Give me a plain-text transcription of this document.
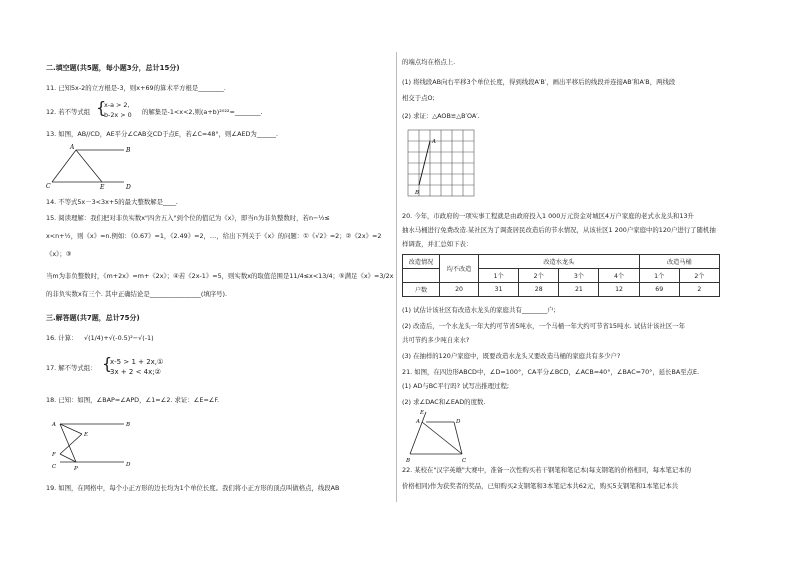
二.填空题(共5题，每小题3分，总计15分)
11. 已知5x-2的立方根是-3，则x+69的算术平方根是________.
12. 若不等式组 {
x-a > 2,
b-2x > 0 的解集是-1<x<2,则(a+b)²⁰²²=________.
13. 如图，AB//CD，AE平分∠CAB交CD于点E，若∠C=48°，则∠AED为______.
A	B
C	E	D
14. 不等式5x－3<3x+5的最大整数解是____.
15. 阅读理解：我们把对非负实数x"四舍五入"到个位的值记为《x》，即当n为非负整数时，若n−½≤
x<n+½，则《x》=n.例如：《0.67》=1，《2.49》=2，…，给出下列关于《x》的问题：①《√2》=2；②《2x》=2
《x》；③
当m为非负整数时，《m+2x》=m+《2x》；④若《2x-1》=5，则实数x的取值范围是11/4≤x<13/4；⑤满足《x》=3/2x
的非负实数x有三个. 其中正确结论是________________(填序号).
三.解答题(共7题，总计75分)
16. 计算： √(1/4)+√(-0.5)²−√(-1)
17. 解不等式组： {
x-5 > 1 + 2x,①
3x + 2 < 4x;②
18. 已知：如图，∠BAP=∠APD，∠1=∠2. 求证：∠E=∠F.
A	B
E
F
C	P
D
19. 如图，在网格中，每个小正方形的边长均为1个单位长度。我们将小正方形的顶点叫做格点，线段AB
的端点均在格点上.
(1) 将线段AB向右平移3个单位长度，得到线段A′B′，画出平移后的线段并连接AB′和A′B，两线段
相交于点O;
(2) 求证：△AOB≌△B′OA′.
A
B
20. 今年，市政府的一项实事工程就是由政府投入1 000万元资金对城区4万户家庭的老式水龙头和13升
抽水马桶进行免费改造.某社区为了调查居民改造后的节水情况，从该社区1 200户家庭中的120户进行了随机抽
样调查，并汇总如下表：
改造情况	均不改造	改造水龙头				改造马桶	
		1个	2个	3个	4个	1个	2个
户数	20	31	28	21	12	69	2
(1) 试估计该社区有改造水龙头的家庭共有________户;
(2) 改造后，一个水龙头一年大约可节省5吨水，一个马桶一年大约可节省15吨水. 试估计该社区一年
共可节约多少吨自来水?
(3) 在抽样的120户家庭中，既要改造水龙头又要改造马桶的家庭共有多少户?
21. 如图，在四边形ABCD中，∠D=100°，CA平分∠BCD，∠ACB=40°，∠BAC=70°，延长BA至点E.
(1) AD与BC平行吗? 试写出推理过程;
(2) 求∠DAC和∠EAD的度数.
E
A	D
B	C
22. 某校在"汉字英雄"大赛中，准备一次性购买若干钢笔和笔记本(每支钢笔的价格相同，每本笔记本的
价格相同)作为获奖者的奖品，已知购买2支钢笔和3本笔记本共62元，购买5支钢笔和1本笔记本共
